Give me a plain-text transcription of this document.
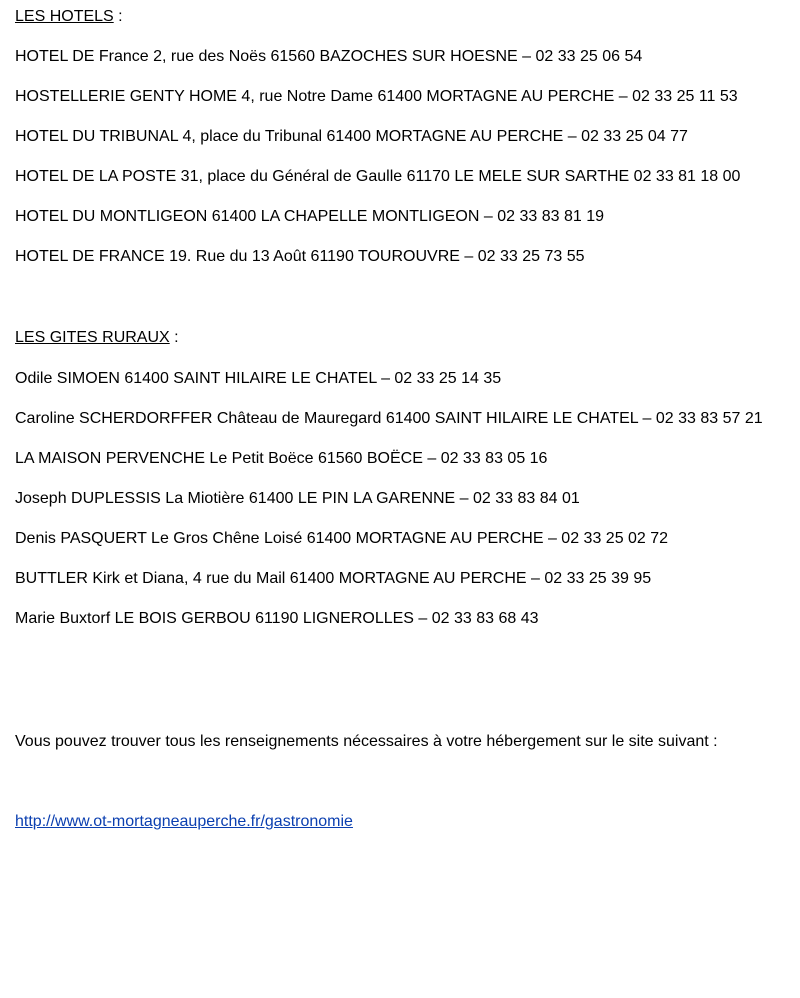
LES HOTELS :
HOTEL DE France 2, rue des Noës 61560 BAZOCHES SUR HOESNE – 02 33 25 06 54
HOSTELLERIE GENTY HOME 4, rue Notre Dame 61400 MORTAGNE AU PERCHE – 02 33 25 11 53
HOTEL DU TRIBUNAL 4, place du Tribunal 61400 MORTAGNE AU PERCHE – 02 33 25 04 77
HOTEL DE LA POSTE 31, place du Général de Gaulle 61170 LE MELE SUR SARTHE 02 33 81 18 00
HOTEL DU MONTLIGEON 61400 LA CHAPELLE MONTLIGEON – 02 33 83 81 19
HOTEL DE FRANCE 19. Rue du 13 Août 61190 TOUROUVRE – 02 33 25 73 55
LES GITES RURAUX :
Odile SIMOEN 61400 SAINT HILAIRE LE CHATEL – 02 33 25 14 35
Caroline SCHERDORFFER Château de Mauregard 61400 SAINT HILAIRE LE CHATEL – 02 33 83 57 21
LA MAISON PERVENCHE Le Petit Boëce 61560 BOËCE – 02 33 83 05 16
Joseph DUPLESSIS La Miotière 61400 LE PIN LA GARENNE – 02 33 83 84 01
Denis PASQUERT Le Gros Chêne Loisé 61400 MORTAGNE AU PERCHE – 02 33 25 02 72
BUTTLER Kirk et Diana, 4 rue du Mail 61400 MORTAGNE AU PERCHE – 02 33 25 39 95
Marie Buxtorf LE BOIS GERBOU 61190 LIGNEROLLES – 02 33 83 68 43
Vous pouvez trouver tous les renseignements nécessaires à votre hébergement sur le site suivant :
http://www.ot-mortagneauperche.fr/gastronomie
